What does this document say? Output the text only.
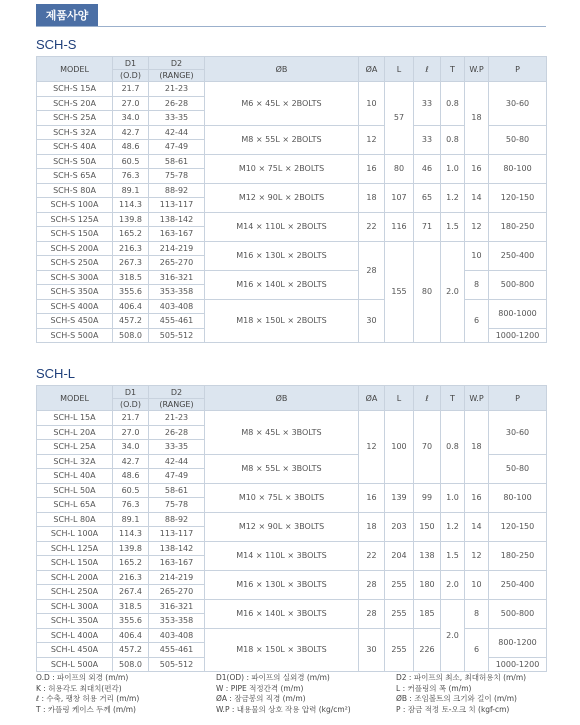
제품사양
SCH-S
MODEL	D1	D2	ØB	ØA	L	ℓ	T	W.P	P
	(O.D)	(RANGE)							
SCH-S 15A	21.7	21-23	M6 × 45L × 2BOLTS	10	57	33	0.8	18	30-60
SCH-S 20A	27.0	26-28							
SCH-S 25A	34.0	33-35							
SCH-S 32A	42.7	42-44	M8 × 55L × 2BOLTS	12		33	0.8		50-80
SCH-S 40A	48.6	47-49							
SCH-S 50A	60.5	58-61	M10 × 75L × 2BOLTS	16	80	46	1.0	16	80-100
SCH-S 65A	76.3	75-78							
SCH-S 80A	89.1	88-92	M12 × 90L × 2BOLTS	18	107	65	1.2	14	120-150
SCH-S 100A	114.3	113-117							
SCH-S 125A	139.8	138-142	M14 × 110L × 2BOLTS	22	116	71	1.5	12	180-250
SCH-S 150A	165.2	163-167							
SCH-S 200A	216.3	214-219	M16 × 130L × 2BOLTS	28	155	80	2.0	10	250-400
SCH-S 250A	267.3	265-270							
SCH-S 300A	318.5	316-321	M16 × 140L × 2BOLTS					8	500-800
SCH-S 350A	355.6	353-358							
SCH-S 400A	406.4	403-408	M18 × 150L × 2BOLTS	30				6	800-1000
SCH-S 450A	457.2	455-461							
SCH-S 500A	508.0	505-512							1000-1200
SCH-L
MODEL	D1	D2	ØB	ØA	L	ℓ	T	W.P	P
	(O.D)	(RANGE)							
SCH-L 15A	21.7	21-23	M8 × 45L × 3BOLTS	12	100	70	0.8	18	30-60
SCH-L 20A	27.0	26-28							
SCH-L 25A	34.0	33-35							
SCH-L 32A	42.7	42-44	M8 × 55L × 3BOLTS						50-80
SCH-L 40A	48.6	47-49							
SCH-L 50A	60.5	58-61	M10 × 75L × 3BOLTS	16	139	99	1.0	16	80-100
SCH-L 65A	76.3	75-78							
SCH-L 80A	89.1	88-92	M12 × 90L × 3BOLTS	18	203	150	1.2	14	120-150
SCH-L 100A	114.3	113-117							
SCH-L 125A	139.8	138-142	M14 × 110L × 3BOLTS	22	204	138	1.5	12	180-250
SCH-L 150A	165.2	163-167							
SCH-L 200A	216.3	214-219	M16 × 130L × 3BOLTS	28	255	180	2.0	10	250-400
SCH-L 250A	267.4	265-270							
SCH-L 300A	318.5	316-321	M16 × 140L × 3BOLTS	28	255	185	2.0	8	500-800
SCH-L 350A	355.6	353-358							
SCH-L 400A	406.4	403-408	M18 × 150L × 3BOLTS	30	255	226		6	800-1200
SCH-L 450A	457.2	455-461							
SCH-L 500A	508.0	505-512							1000-1200
O.D : 파이프의 외경 (m/m)	D1(OD) : 파이프의 실외경 (m/m)	D2 : 파이프의 최소, 최대허용치 (m/m)
K : 허용각도 최대치(편각)	W : PIPE 적정간격 (m/m)	L : 커플링의 폭 (m/m)
ℓ : 수축, 팽창 허용 거리 (m/m)	ØA : 잠금봉의 직경 (m/m)	ØB : 조임볼트의 크기와 길이 (m/m)
T : 카플링 케이스 두께 (m/m)	W.P : 내용물의 상호 작용 압력 (kg/cm²)	P : 잠금 적정 토-오크 치 (kgf-cm)
